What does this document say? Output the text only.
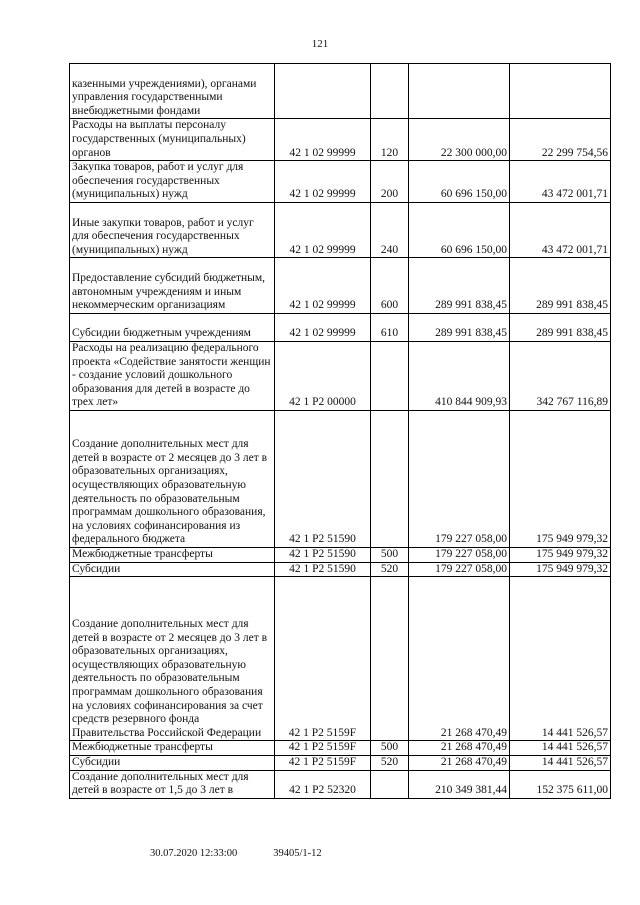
121
казенными учреждениями), органами управления государственными внебюджетными фондами				
Расходы на выплаты персоналу государственных (муниципальных) органов	42 1 02 99999	120	22 300 000,00	22 299 754,56
Закупка товаров, работ и услуг для обеспечения государственных (муниципальных) нужд	42 1 02 99999	200	60 696 150,00	43 472 001,71
Иные закупки товаров, работ и услуг для обеспечения государственных (муниципальных) нужд	42 1 02 99999	240	60 696 150,00	43 472 001,71
Предоставление субсидий бюджетным, автономным учреждениям и иным некоммерческим организациям	42 1 02 99999	600	289 991 838,45	289 991 838,45
Субсидии бюджетным учреждениям	42 1 02 99999	610	289 991 838,45	289 991 838,45
Расходы на реализацию федерального проекта «Содействие занятости женщин - создание условий дошкольного образования для детей в возрасте до трех лет»	42 1 P2 00000		410 844 909,93	342 767 116,89
Создание дополнительных мест для детей в возрасте от 2 месяцев до 3 лет в образовательных организациях, осуществляющих образовательную деятельность по образовательным программам дошкольного образования, на условиях софинансирования из федерального бюджета	42 1 P2 51590		179 227 058,00	175 949 979,32
Межбюджетные трансферты	42 1 P2 51590	500	179 227 058,00	175 949 979,32
Субсидии	42 1 P2 51590	520	179 227 058,00	175 949 979,32
Создание дополнительных мест для детей в возрасте от 2 месяцев до 3 лет в образовательных организациях, осуществляющих образовательную деятельность по образовательным программам дошкольного образования на условиях софинансирования за счет средств резервного фонда Правительства Российской Федерации	42 1 P2 5159F		21 268 470,49	14 441 526,57
Межбюджетные трансферты	42 1 P2 5159F	500	21 268 470,49	14 441 526,57
Субсидии	42 1 P2 5159F	520	21 268 470,49	14 441 526,57
Создание дополнительных мест для детей в возрасте от 1,5 до 3 лет в	42 1 P2 52320		210 349 381,44	152 375 611,00
30.07.2020 12:33:00	39405/1-12
